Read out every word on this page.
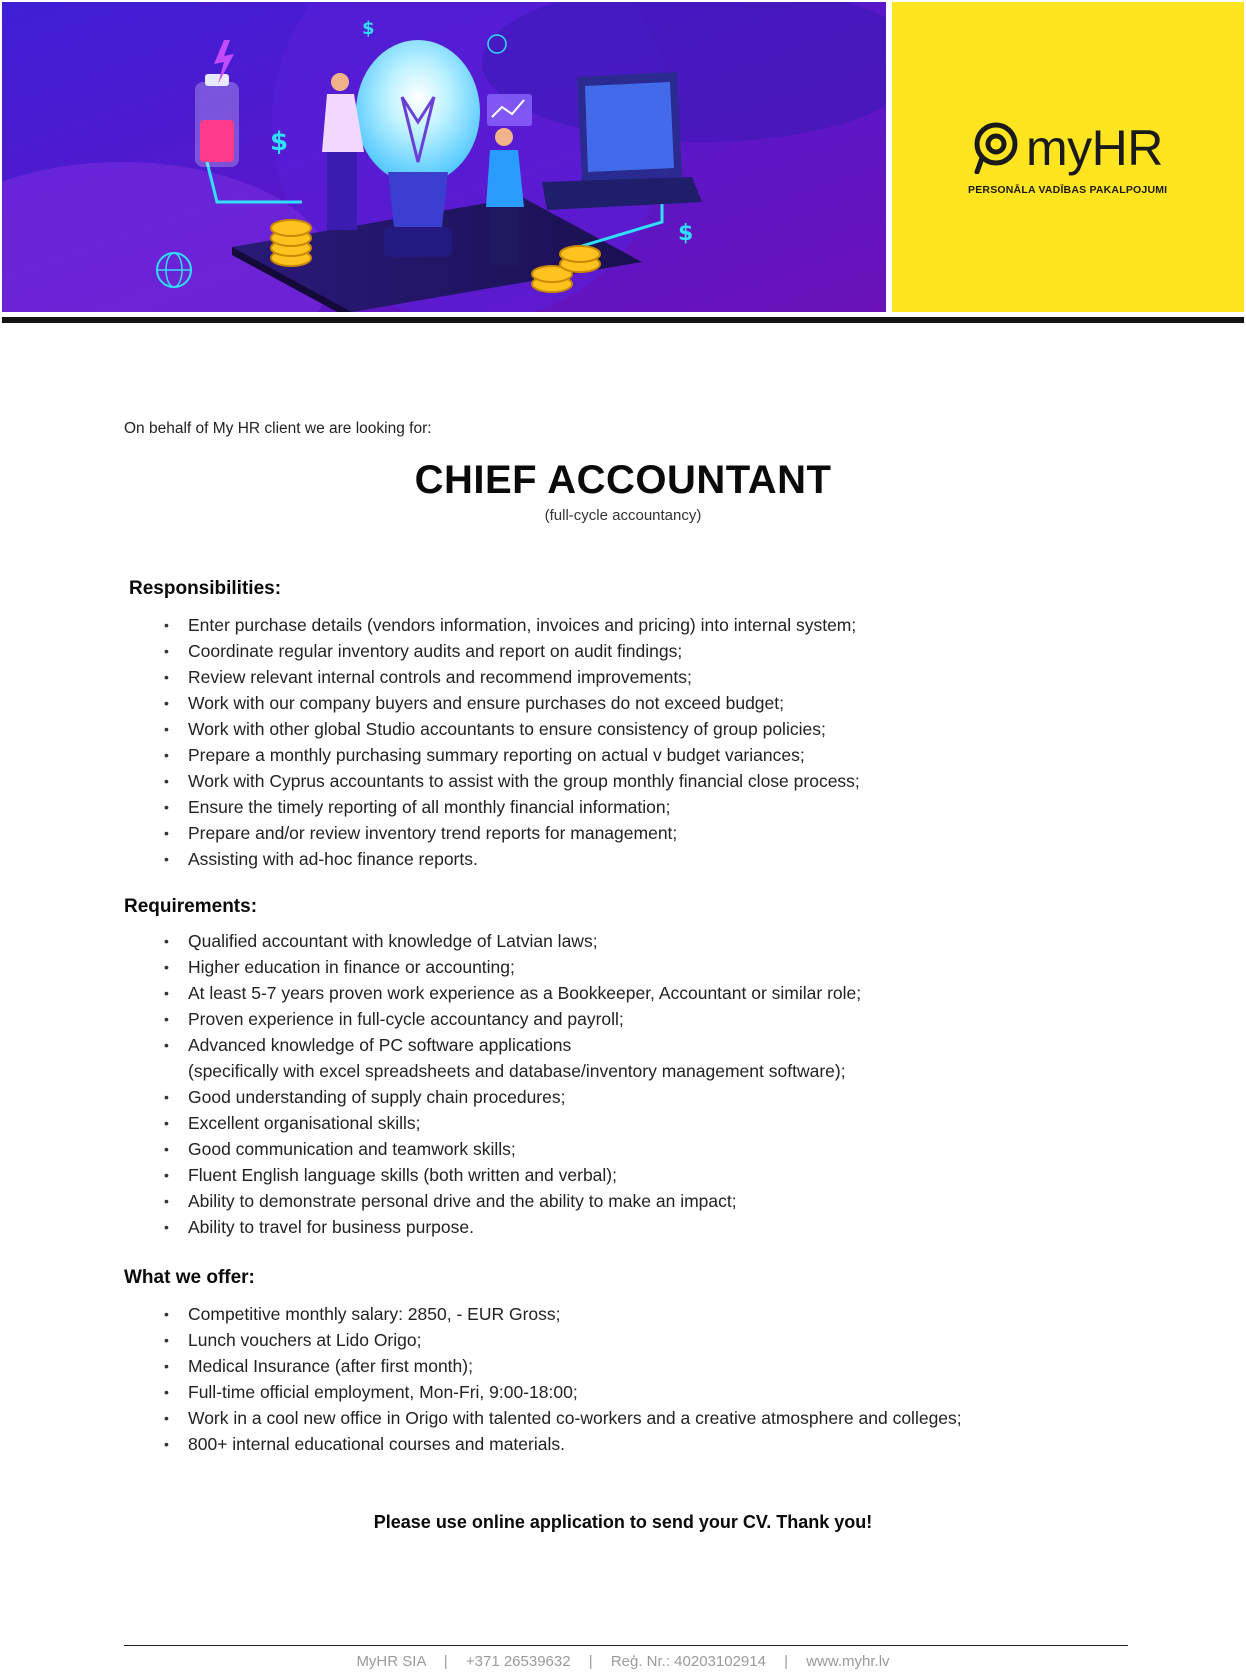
$
$
$
myHR
PERSONĀLA VADĪBAS PAKALPOJUMI
On behalf of My HR client we are looking for:
CHIEF ACCOUNTANT
(full-cycle accountancy)
Responsibilities:
• Enter purchase details (vendors information, invoices and pricing) into internal system;
• Coordinate regular inventory audits and report on audit findings;
• Review relevant internal controls and recommend improvements;
• Work with our company buyers and ensure purchases do not exceed budget;
• Work with other global Studio accountants to ensure consistency of group policies;
• Prepare a monthly purchasing summary reporting on actual v budget variances;
• Work with Cyprus accountants to assist with the group monthly financial close process;
• Ensure the timely reporting of all monthly financial information;
• Prepare and/or review inventory trend reports for management;
• Assisting with ad-hoc finance reports.
Requirements:
• Qualified accountant with knowledge of Latvian laws;
• Higher education in finance or accounting;
• At least 5-7 years proven work experience as a Bookkeeper, Accountant or similar role;
• Proven experience in full-cycle accountancy and payroll;
• Advanced knowledge of PC software applications
(specifically with excel spreadsheets and database/inventory management software);
• Good understanding of supply chain procedures;
• Excellent organisational skills;
• Good communication and teamwork skills;
• Fluent English language skills (both written and verbal);
• Ability to demonstrate personal drive and the ability to make an impact;
• Ability to travel for business purpose.
What we offer:
• Competitive monthly salary: 2850, - EUR Gross;
• Lunch vouchers at Lido Origo;
• Medical Insurance (after first month);
• Full-time official employment, Mon-Fri, 9:00-18:00;
• Work in a cool new office in Origo with talented co-workers and a creative atmosphere and colleges;
• 800+ internal educational courses and materials.
Please use online application to send your CV. Thank you!
MyHR SIA | +371 26539632 | Reģ. Nr.: 40203102914 | www.myhr.lv
